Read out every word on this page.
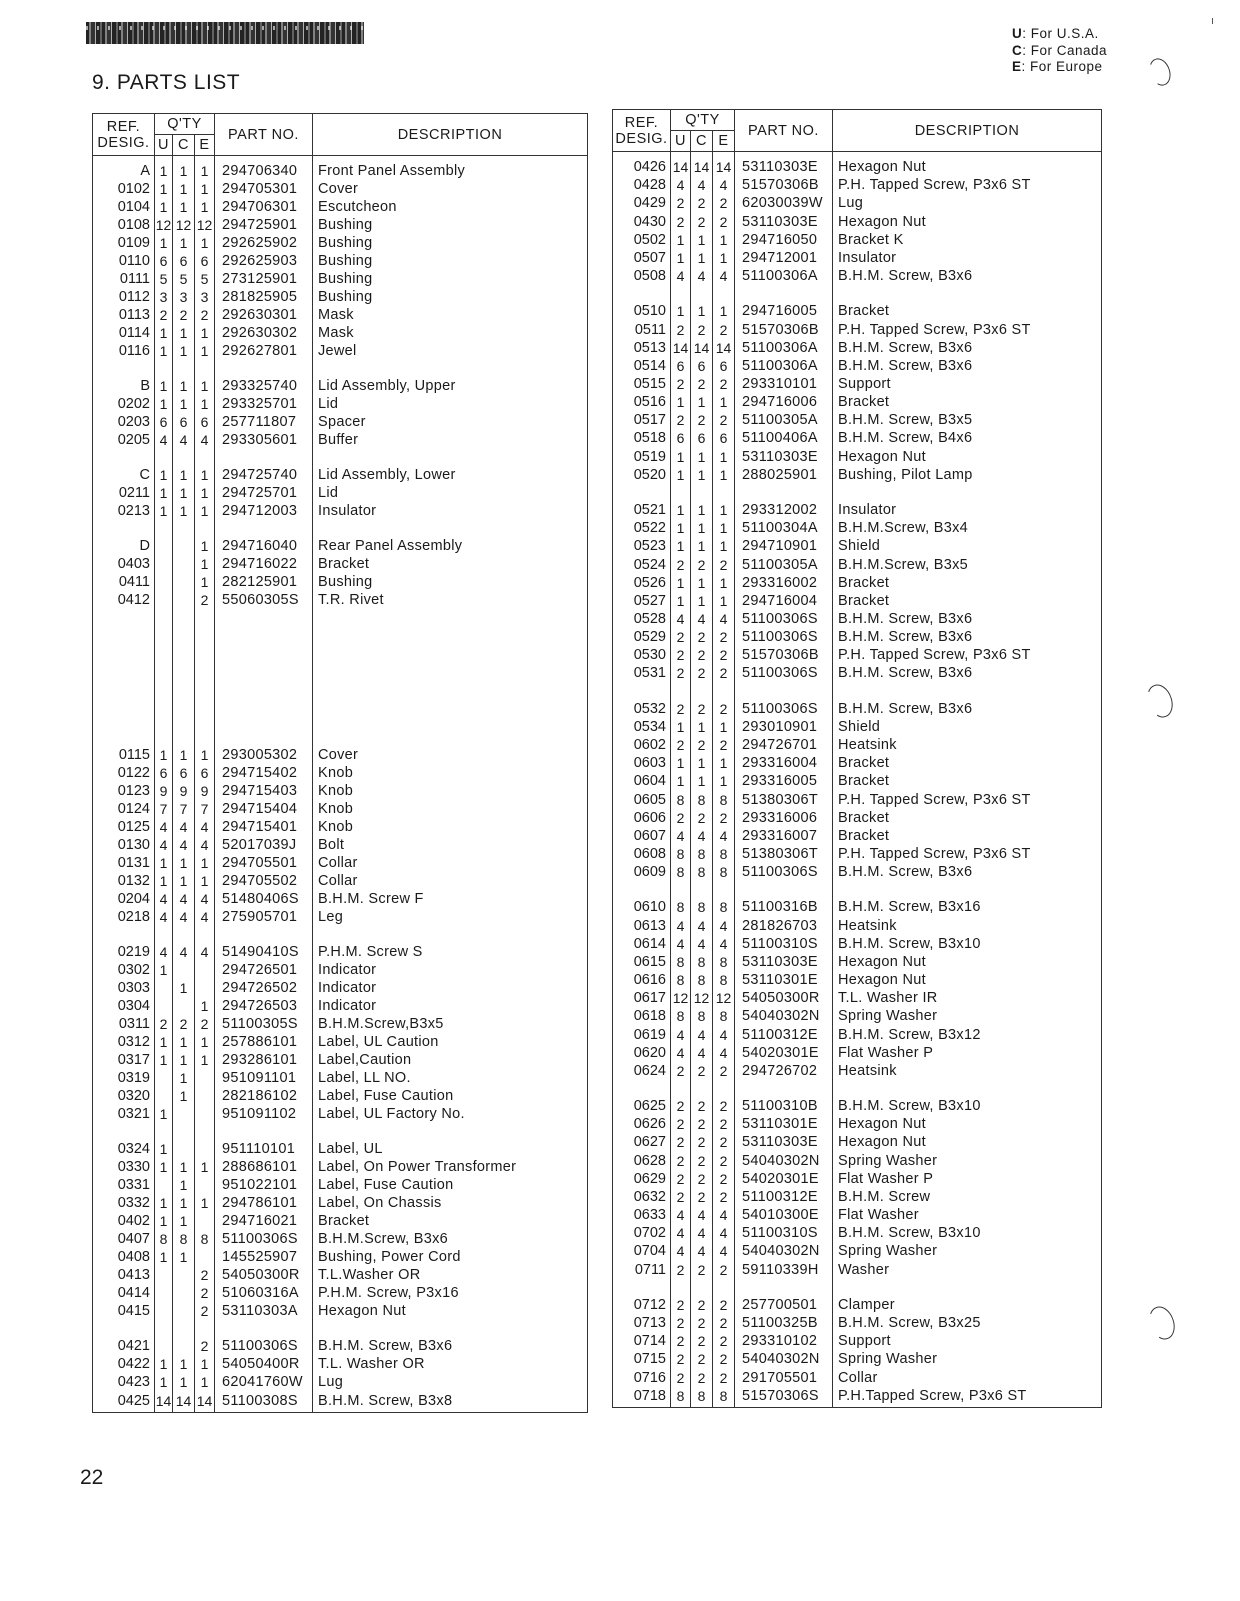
9. PARTS LIST
U: For U.S.A.
C: For Canada
E: For Europe
REF.
DESIG.	Q'TY			PART NO.	DESCRIPTION
	U	C	E		
A	1	1	1	294706340	Front Panel Assembly
0102	1	1	1	294705301	Cover
0104	1	1	1	294706301	Escutcheon
0108	12	12	12	294725901	Bushing
0109	1	1	1	292625902	Bushing
0110	6	6	6	292625903	Bushing
0111	5	5	5	273125901	Bushing
0112	3	3	3	281825905	Bushing
0113	2	2	2	292630301	Mask
0114	1	1	1	292630302	Mask
0116	1	1	1	292627801	Jewel

B	1	1	1	293325740	Lid Assembly, Upper
0202	1	1	1	293325701	Lid
0203	6	6	6	257711807	Spacer
0205	4	4	4	293305601	Buffer

C	1	1	1	294725740	Lid Assembly, Lower
0211	1	1	1	294725701	Lid
0213	1	1	1	294712003	Insulator

D			1	294716040	Rear Panel Assembly
0403			1	294716022	Bracket
0411			1	282125901	Bushing
0412			2	55060305S	T.R. Rivet

0115	1	1	1	293005302	Cover
0122	6	6	6	294715402	Knob
0123	9	9	9	294715403	Knob
0124	7	7	7	294715404	Knob
0125	4	4	4	294715401	Knob
0130	4	4	4	52017039J	Bolt
0131	1	1	1	294705501	Collar
0132	1	1	1	294705502	Collar
0204	4	4	4	51480406S	B.H.M. Screw F
0218	4	4	4	275905701	Leg

0219	4	4	4	51490410S	P.H.M. Screw S
0302	1			294726501	Indicator
0303		1		294726502	Indicator
0304			1	294726503	Indicator
0311	2	2	2	51100305S	B.H.M.Screw,B3x5
0312	1	1	1	257886101	Label, UL Caution
0317	1	1	1	293286101	Label,Caution
0319		1		951091101	Label, LL NO.
0320		1		282186102	Label, Fuse Caution
0321	1			951091102	Label, UL Factory No.

0324	1			951110101	Label, UL
0330	1	1	1	288686101	Label, On Power Transformer
0331		1		951022101	Label, Fuse Caution
0332	1	1	1	294786101	Label, On Chassis
0402	1	1		294716021	Bracket
0407	8	8	8	51100306S	B.H.M.Screw, B3x6
0408	1	1		145525907	Bushing, Power Cord
0413			2	54050300R	T.L.Washer OR
0414			2	51060316A	P.H.M. Screw, P3x16
0415			2	53110303A	Hexagon Nut

0421			2	51100306S	B.H.M. Screw, B3x6
0422	1	1	1	54050400R	T.L. Washer OR
0423	1	1	1	62041760W	Lug
0425	14	14	14	51100308S	B.H.M. Screw, B3x8
REF.
DESIG.	Q'TY			PART NO.	DESCRIPTION
	U	C	E		
0426	14	14	14	53110303E	Hexagon Nut
0428	4	4	4	51570306B	P.H. Tapped Screw, P3x6 ST
0429	2	2	2	62030039W	Lug
0430	2	2	2	53110303E	Hexagon Nut
0502	1	1	1	294716050	Bracket K
0507	1	1	1	294712001	Insulator
0508	4	4	4	51100306A	B.H.M. Screw, B3x6

0510	1	1	1	294716005	Bracket
0511	2	2	2	51570306B	P.H. Tapped Screw, P3x6 ST
0513	14	14	14	51100306A	B.H.M. Screw, B3x6
0514	6	6	6	51100306A	B.H.M. Screw, B3x6
0515	2	2	2	293310101	Support
0516	1	1	1	294716006	Bracket
0517	2	2	2	51100305A	B.H.M. Screw, B3x5
0518	6	6	6	51100406A	B.H.M. Screw, B4x6
0519	1	1	1	53110303E	Hexagon Nut
0520	1	1	1	288025901	Bushing, Pilot Lamp

0521	1	1	1	293312002	Insulator
0522	1	1	1	51100304A	B.H.M.Screw, B3x4
0523	1	1	1	294710901	Shield
0524	2	2	2	51100305A	B.H.M.Screw, B3x5
0526	1	1	1	293316002	Bracket
0527	1	1	1	294716004	Bracket
0528	4	4	4	51100306S	B.H.M. Screw, B3x6
0529	2	2	2	51100306S	B.H.M. Screw, B3x6
0530	2	2	2	51570306B	P.H. Tapped Screw, P3x6 ST
0531	2	2	2	51100306S	B.H.M. Screw, B3x6

0532	2	2	2	51100306S	B.H.M. Screw, B3x6
0534	1	1	1	293010901	Shield
0602	2	2	2	294726701	Heatsink
0603	1	1	1	293316004	Bracket
0604	1	1	1	293316005	Bracket
0605	8	8	8	51380306T	P.H. Tapped Screw, P3x6 ST
0606	2	2	2	293316006	Bracket
0607	4	4	4	293316007	Bracket
0608	8	8	8	51380306T	P.H. Tapped Screw, P3x6 ST
0609	8	8	8	51100306S	B.H.M. Screw, B3x6

0610	8	8	8	51100316B	B.H.M. Screw, B3x16
0613	4	4	4	281826703	Heatsink
0614	4	4	4	51100310S	B.H.M. Screw, B3x10
0615	8	8	8	53110303E	Hexagon Nut
0616	8	8	8	53110301E	Hexagon Nut
0617	12	12	12	54050300R	T.L. Washer IR
0618	8	8	8	54040302N	Spring Washer
0619	4	4	4	51100312E	B.H.M. Screw, B3x12
0620	4	4	4	54020301E	Flat Washer P
0624	2	2	2	294726702	Heatsink

0625	2	2	2	51100310B	B.H.M. Screw, B3x10
0626	2	2	2	53110301E	Hexagon Nut
0627	2	2	2	53110303E	Hexagon Nut
0628	2	2	2	54040302N	Spring Washer
0629	2	2	2	54020301E	Flat Washer P
0632	2	2	2	51100312E	B.H.M. Screw
0633	4	4	4	54010300E	Flat Washer
0702	4	4	4	51100310S	B.H.M. Screw, B3x10
0704	4	4	4	54040302N	Spring Washer
0711	2	2	2	59110339H	Washer

0712	2	2	2	257700501	Clamper
0713	2	2	2	51100325B	B.H.M. Screw, B3x25
0714	2	2	2	293310102	Support
0715	2	2	2	54040302N	Spring Washer
0716	2	2	2	291705501	Collar
0718	8	8	8	51570306S	P.H.Tapped Screw, P3x6 ST
22
